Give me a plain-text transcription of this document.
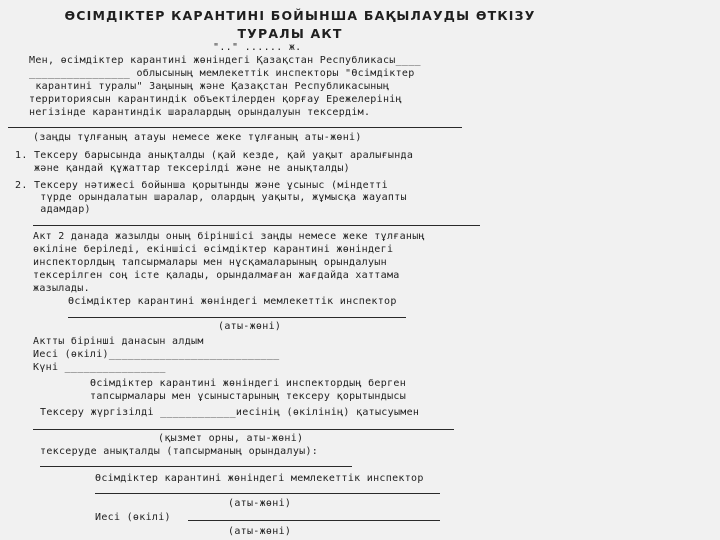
ӨСІМДІКТЕР КАРАНТИНІ БОЙЫНША БАҚЫЛАУДЫ ӨТКІЗУ
ТУРАЛЫ АКТ
".." ...... ж.
Мен, өсімдіктер карантині жөніндегі Қазақстан Республикасы____
________________ облысының мемлекеттік инспекторы "Өсімдіктер
карантині туралы" Заңының және Қазақстан Республикасының
территориясын карантиндік объектілерден қорғау Ережелерінің
негізінде карантиндік шаралардың орындалуын тексердім.
(заңды тұлғаның атауы немесе жеке тұлғаның аты-жөні)
1. Тексеру барысында анықталды (қай кезде, қай уақыт аралығында
және қандай құжаттар тексерілді және не анықталды)
2. Тексеру нәтижесі бойынша қорытынды және ұсыныс (міндетті
түрде орындалатын шаралар, олардың уақыты, жұмысқа жауапты
адамдар)
Акт 2 данада жазылды оның біріншісі заңды немесе жеке тұлғаның
өкіліне беріледі, екіншісі өсімдіктер карантині жөніндегі
инспекторлдың тапсырмалары мен нұсқамаларының орындалуын
тексерілген соң істе қалады, орындалмаған жағдайда хаттама
жазылады.
Өсімдіктер карантині жөніндегі мемлекеттік инспектор
(аты-жөні)
Актты бірінші данасын алдым
Иесі (өкілі)___________________________
Күні ________________
Өсімдіктер карантині жөніндегі инспектордың берген
тапсырмалары мен ұсыныстарының тексеру қорытындысы
Тексеру жүргізілді ____________иесінің (өкілінің) қатысуымен
(қызмет орны, аты-жөні)
тексеруде анықталды (тапсырманың орындалуы):
Өсімдіктер карантині жөніндегі мемлекеттік инспектор
(аты-жөні)
Иесі (өкілі)
(аты-жөні)
